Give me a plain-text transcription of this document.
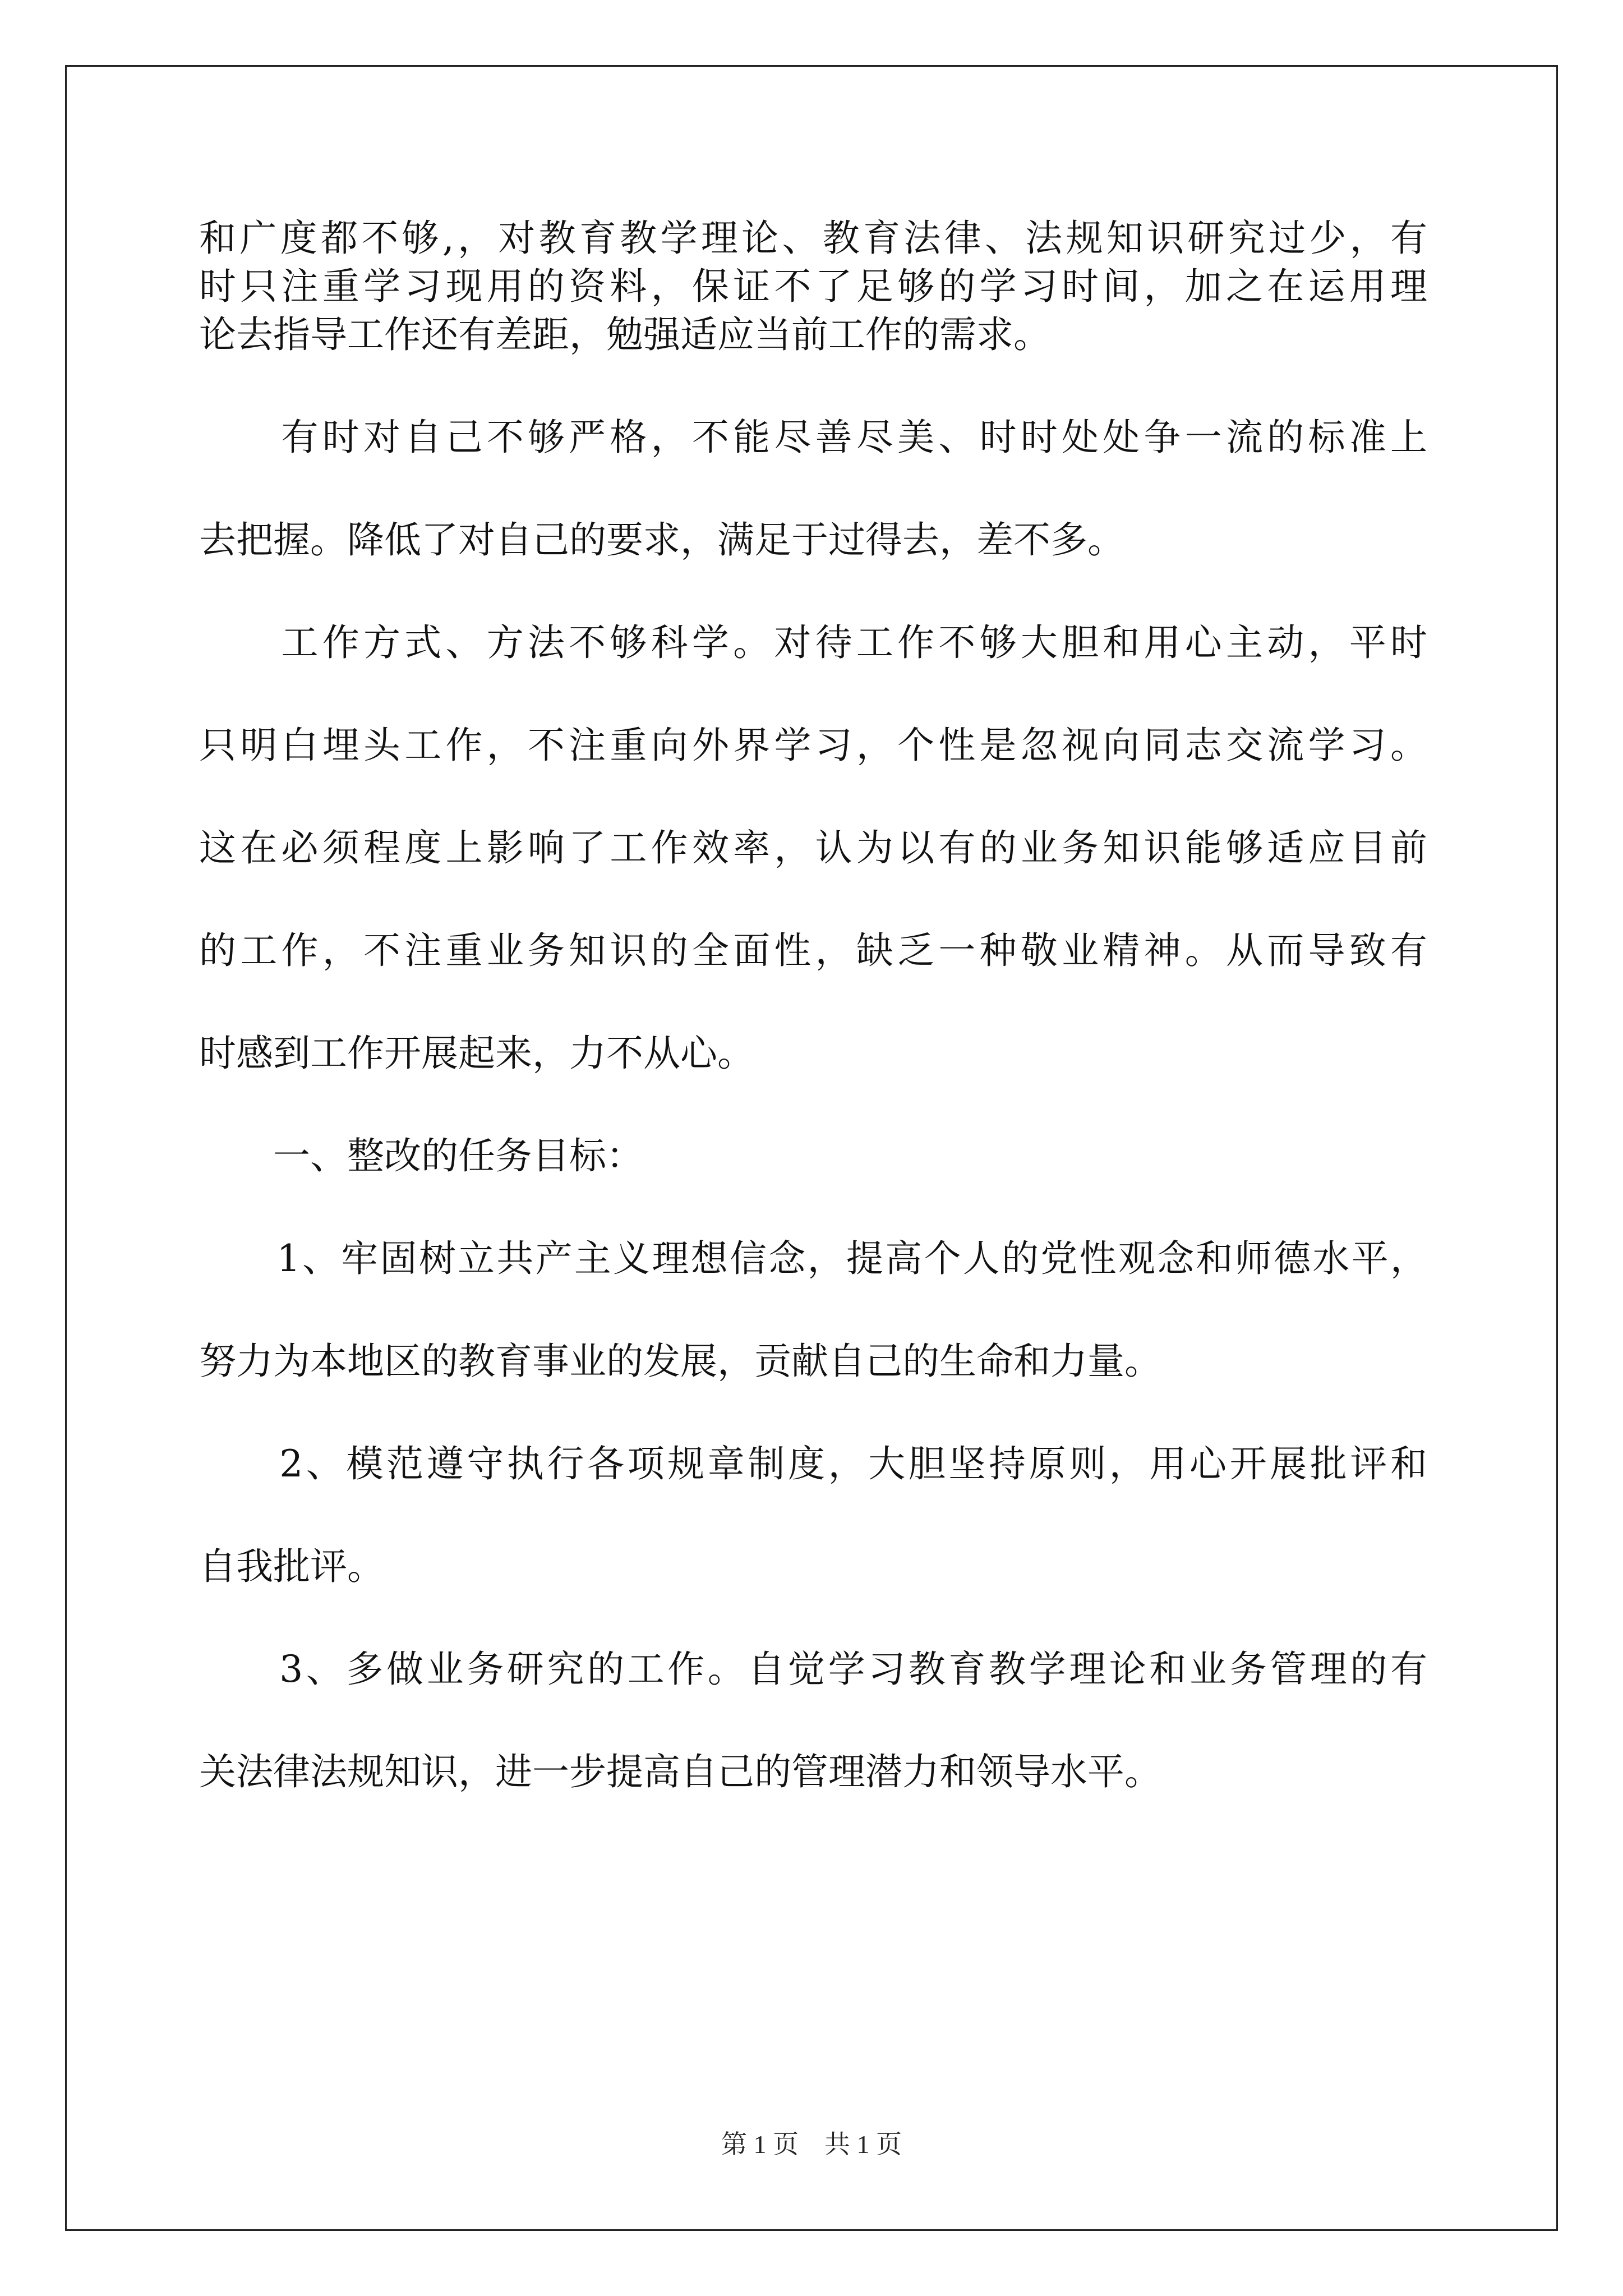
和广度都不够,，对教育教学理论、教育法律、法规知识研究过少，有
时只注重学习现用的资料，保证不了足够的学习时间，加之在运用理
论去指导工作还有差距，勉强适应当前工作的需求。
　　有时对自己不够严格，不能尽善尽美、时时处处争一流的标准上
去把握。降低了对自己的要求，满足于过得去，差不多。
　　工作方式、方法不够科学。对待工作不够大胆和用心主动，平时
只明白埋头工作，不注重向外界学习，个性是忽视向同志交流学习。
这在必须程度上影响了工作效率，认为以有的业务知识能够适应目前
的工作，不注重业务知识的全面性，缺乏一种敬业精神。从而导致有
时感到工作开展起来，力不从心。
　　一、整改的任务目标：
　　1、牢固树立共产主义理想信念，提高个人的党性观念和师德水平，
努力为本地区的教育事业的发展，贡献自己的生命和力量。
　　2、模范遵守执行各项规章制度，大胆坚持原则，用心开展批评和
自我批评。
　　3、多做业务研究的工作。自觉学习教育教学理论和业务管理的有
关法律法规知识，进一步提高自己的管理潜力和领导水平。
第 1 页　共 1 页
